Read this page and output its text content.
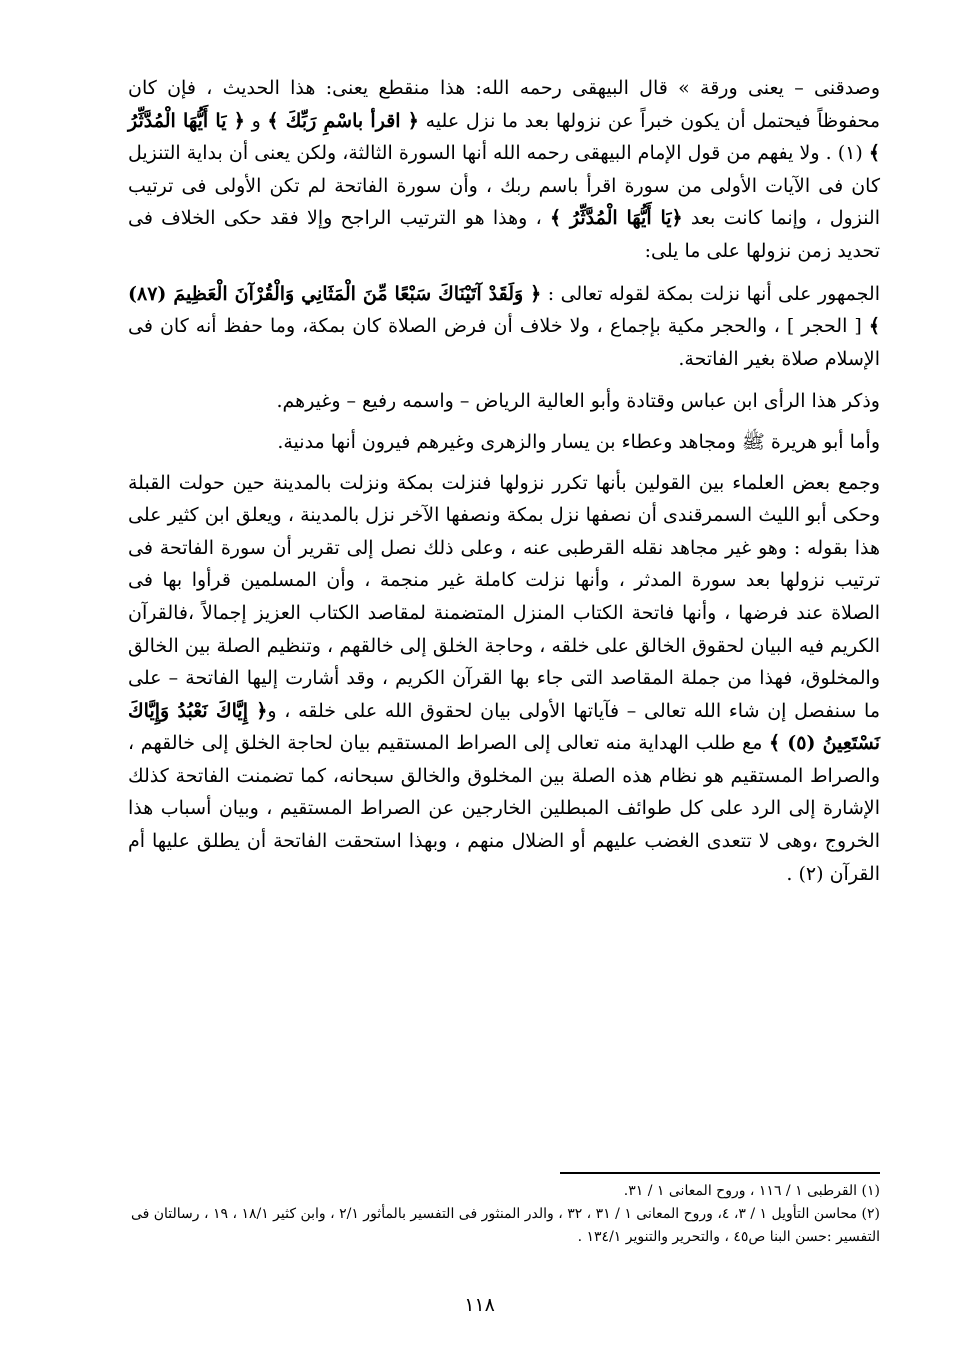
وصدقنى – يعنى ورقة » قال البيهقى رحمه الله: هذا منقطع يعنى: هذا الحديث ، فإن كان محفوظاً فيحتمل أن يكون خبراً عن نزولها بعد ما نزل عليه ﴿ اقرأ باسْمِ رَبِّكَ ﴾ و ﴿ يَا أَيُّهَا الْمُدَّثِّرُ ﴾ (١) . ولا يفهم من قول الإمام البيهقى رحمه الله أنها السورة الثالثة، ولكن يعنى أن بداية التنزيل كان فى الآيات الأولى من سورة اقرأ باسم ربك ، وأن سورة الفاتحة لم تكن الأولى فى ترتيب النزول ، وإنما كانت بعد ﴿يَا أَيُّهَا الْمُدَّثِّرُ ﴾ ، وهذا هو الترتيب الراجح وإلا فقد حكى الخلاف فى تحديد زمن نزولها على ما يلى:

الجمهور على أنها نزلت بمكة لقوله تعالى : ﴿ وَلَقَدْ آتَيْنَاكَ سَبْعًا مِّنَ الْمَثَانِي وَالْقُرْآنَ الْعَظِيمَ (٨٧) ﴾ [ الحجر ] ، والحجر مكية بإجماع ، ولا خلاف أن فرض الصلاة كان بمكة، وما حفظ أنه كان فى الإسلام صلاة بغير الفاتحة.

وذكر هذا الرأى ابن عباس وقتادة وأبو العالية الرياض – واسمه رفيع – وغيرهم.

وأما أبو هريرة ﷺ ومجاهد وعطاء بن يسار والزهرى وغيرهم فيرون أنها مدنية.

وجمع بعض العلماء بين القولين بأنها تكرر نزولها فنزلت بمكة ونزلت بالمدينة حين حولت القبلة وحكى أبو الليث السمرقندى أن نصفها نزل بمكة ونصفها الآخر نزل بالمدينة ، ويعلق ابن كثير على هذا بقوله : وهو غير مجاهد نقله القرطبى عنه ، وعلى ذلك نصل إلى تقرير أن سورة الفاتحة فى ترتيب نزولها بعد سورة المدثر ، وأنها نزلت كاملة غير منجمة ، وأن المسلمين قرأوا بها فى الصلاة عند فرضها ، وأنها فاتحة الكتاب المنزل المتضمنة لمقاصد الكتاب العزيز إجمالاً ،فالقرآن الكريم فيه البيان لحقوق الخالق على خلقه ، وحاجة الخلق إلى خالقهم ، وتنظيم الصلة بين الخالق والمخلوق، فهذا من جملة المقاصد التى جاء بها القرآن الكريم ، وقد أشارت إليها الفاتحة – على ما سنفصل إن شاء الله تعالى – فآياتها الأولى بيان لحقوق الله على خلقه ، و﴿ إِيَّاكَ نَعْبُدُ وَإِيَّاكَ نَسْتَعِينُ (٥) ﴾ مع طلب الهداية منه تعالى إلى الصراط المستقيم بيان لحاجة الخلق إلى خالقهم ، والصراط المستقيم هو نظام هذه الصلة بين المخلوق والخالق سبحانه، كما تضمنت الفاتحة كذلك الإشارة إلى الرد على كل طوائف المبطلين الخارجين عن الصراط المستقيم ، وبيان أسباب هذا الخروج ،وهى لا تتعدى الغضب عليهم أو الضلال منهم ، وبهذا استحقت الفاتحة أن يطلق عليها أم القرآن (٢) .

(١) القرطبى ١ / ١١٦ ، وروح المعانى ١ / ٣١.

(٢) محاسن التأويل ١ / ٣، ٤، وروح المعانى ١ / ٣١ ، ٣٢ ، والدر المنثور فى التفسير بالمأثور ٢/١ ، وابن كثير ١٨/١ ، ١٩ ، رسالتان فى التفسير :حسن البنا ص٤٥ ، والتحرير والتنوير ١٣٤/١ .

١١٨
